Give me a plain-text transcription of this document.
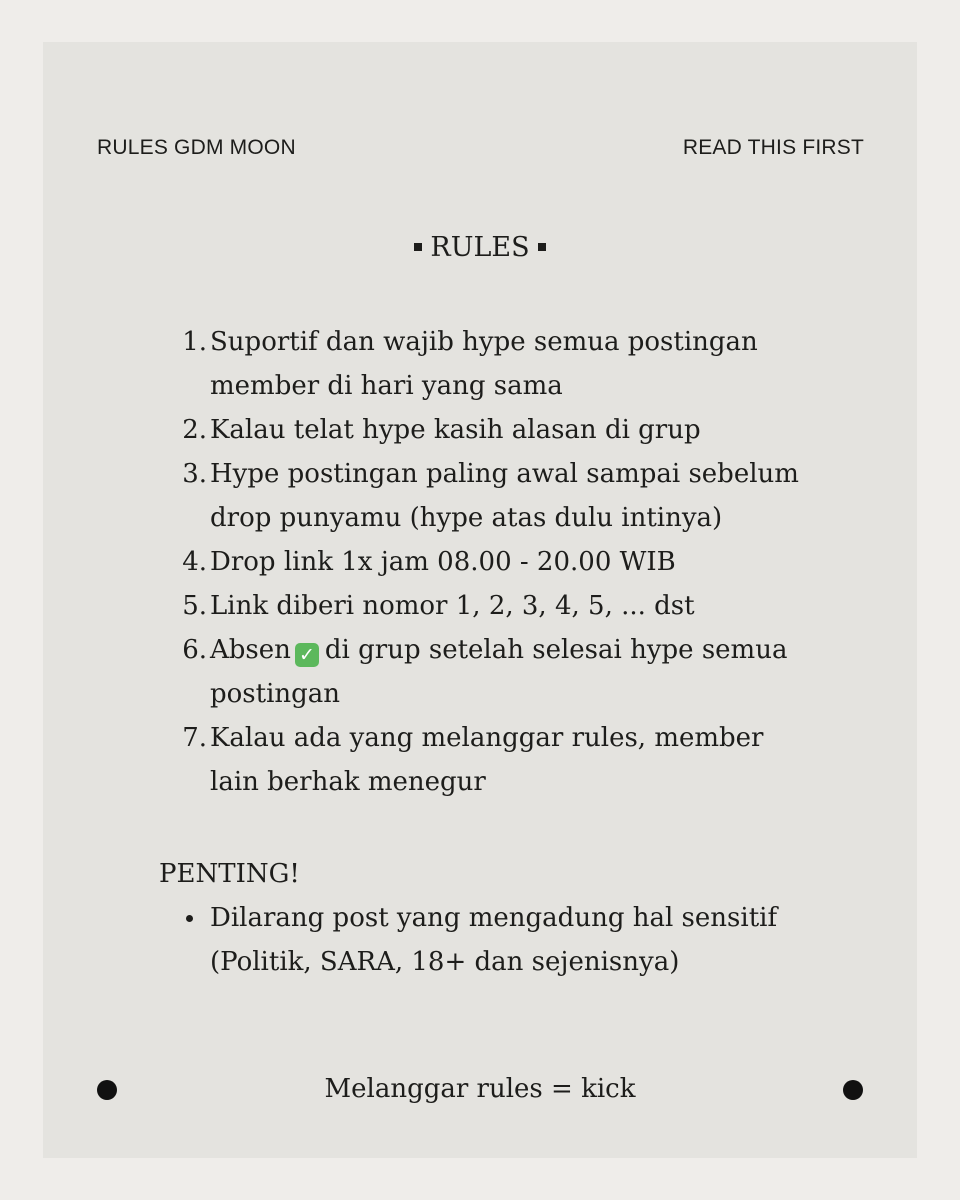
RULES GDM MOON	READ THIS FIRST
RULES
1. Suportif dan wajib hype semua postingan
member di hari yang sama
2. Kalau telat hype kasih alasan di grup
3. Hype postingan paling awal sampai sebelum
drop punyamu (hype atas dulu intinya)
4. Drop link 1x jam 08.00 - 20.00 WIB
5. Link diberi nomor 1, 2, 3, 4, 5, ... dst
6. Absen ✓ di grup setelah selesai hype semua
postingan
7. Kalau ada yang melanggar rules, member
lain berhak menegur
PENTING!
Dilarang post yang mengadung hal sensitif
(Politik, SARA, 18+ dan sejenisnya)
Melanggar rules = kick
